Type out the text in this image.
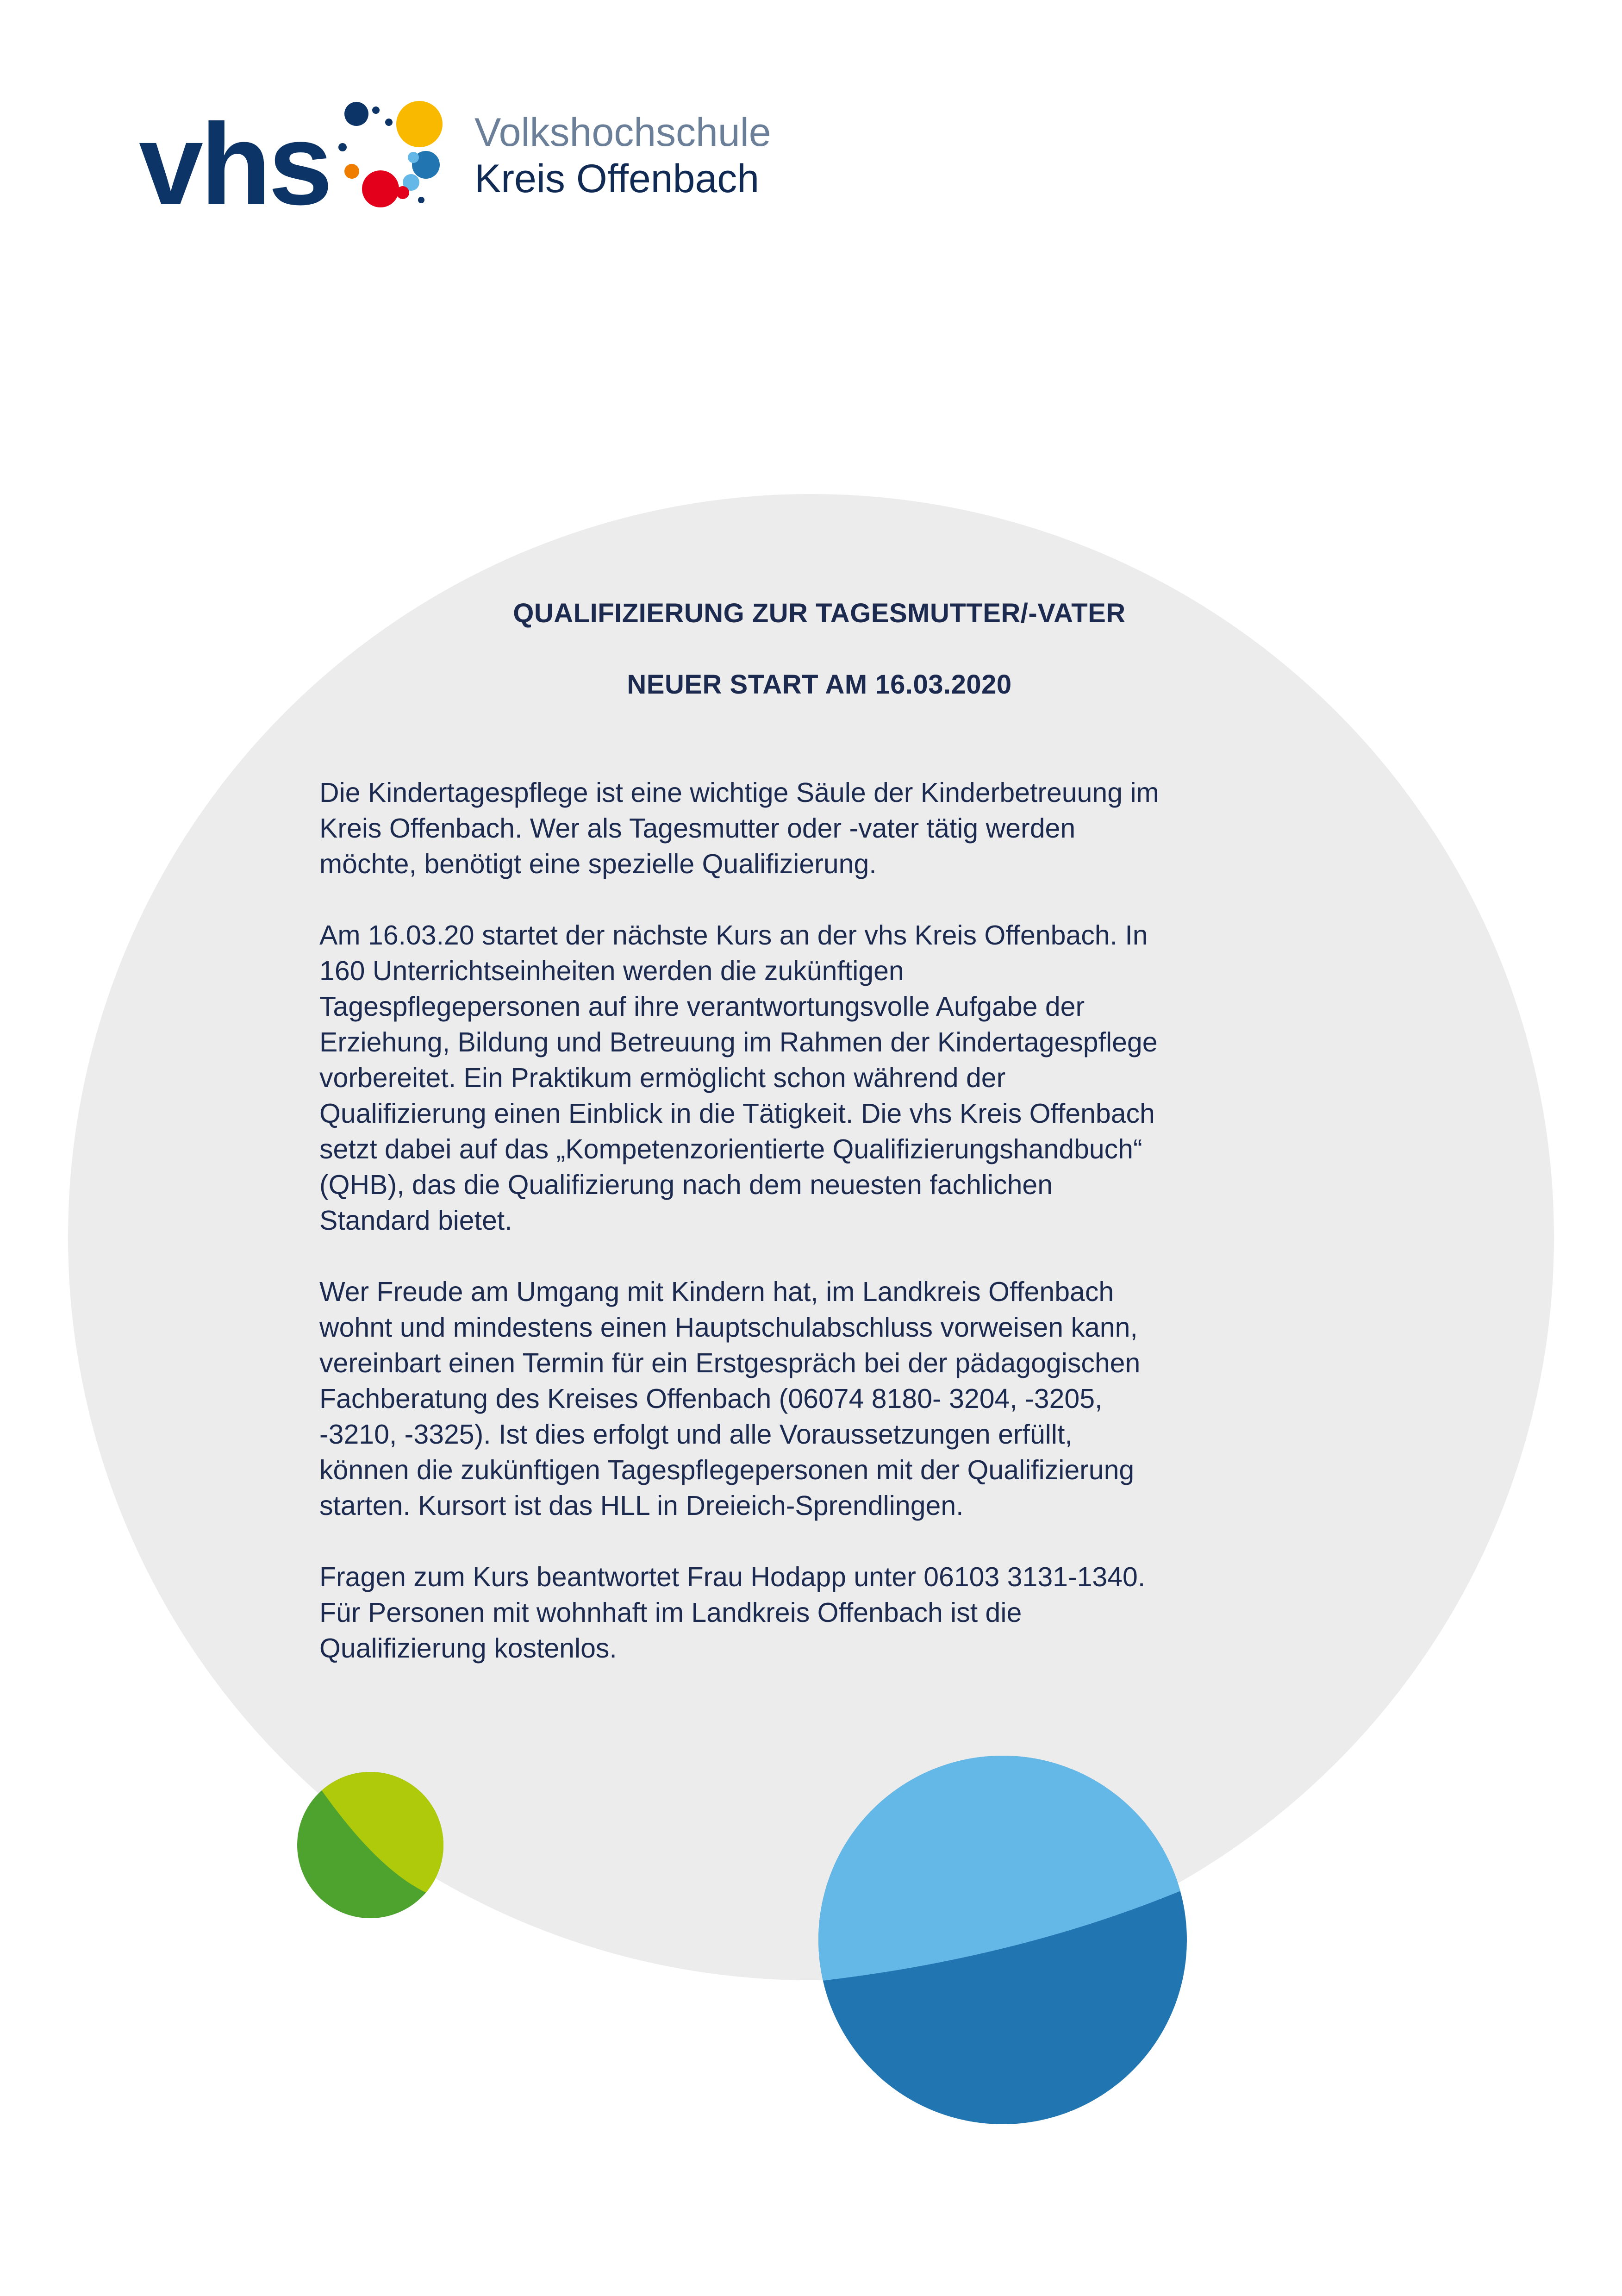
vhs	Volkshochschule
Kreis Offenbach
QUALIFIZIERUNG ZUR TAGESMUTTER/-VATER
NEUER START AM 16.03.2020

Die Kindertagespflege ist eine wichtige Säule der Kinderbetreuung im
Kreis Offenbach. Wer als Tagesmutter oder -vater tätig werden
möchte, benötigt eine spezielle Qualifizierung.

Am 16.03.20 startet der nächste Kurs an der vhs Kreis Offenbach. In
160 Unterrichtseinheiten werden die zukünftigen
Tagespflegepersonen auf ihre verantwortungsvolle Aufgabe der
Erziehung, Bildung und Betreuung im Rahmen der Kindertagespflege
vorbereitet. Ein Praktikum ermöglicht schon während der
Qualifizierung einen Einblick in die Tätigkeit. Die vhs Kreis Offenbach
setzt dabei auf das „Kompetenzorientierte Qualifizierungshandbuch“
(QHB), das die Qualifizierung nach dem neuesten fachlichen
Standard bietet.

Wer Freude am Umgang mit Kindern hat, im Landkreis Offenbach
wohnt und mindestens einen Hauptschulabschluss vorweisen kann,
vereinbart einen Termin für ein Erstgespräch bei der pädagogischen
Fachberatung des Kreises Offenbach (06074 8180- 3204, -3205,
-3210, -3325). Ist dies erfolgt und alle Voraussetzungen erfüllt,
können die zukünftigen Tagespflegepersonen mit der Qualifizierung
starten. Kursort ist das HLL in Dreieich-Sprendlingen.

Fragen zum Kurs beantwortet Frau Hodapp unter 06103 3131-1340.
Für Personen mit wohnhaft im Landkreis Offenbach ist die
Qualifizierung kostenlos.
